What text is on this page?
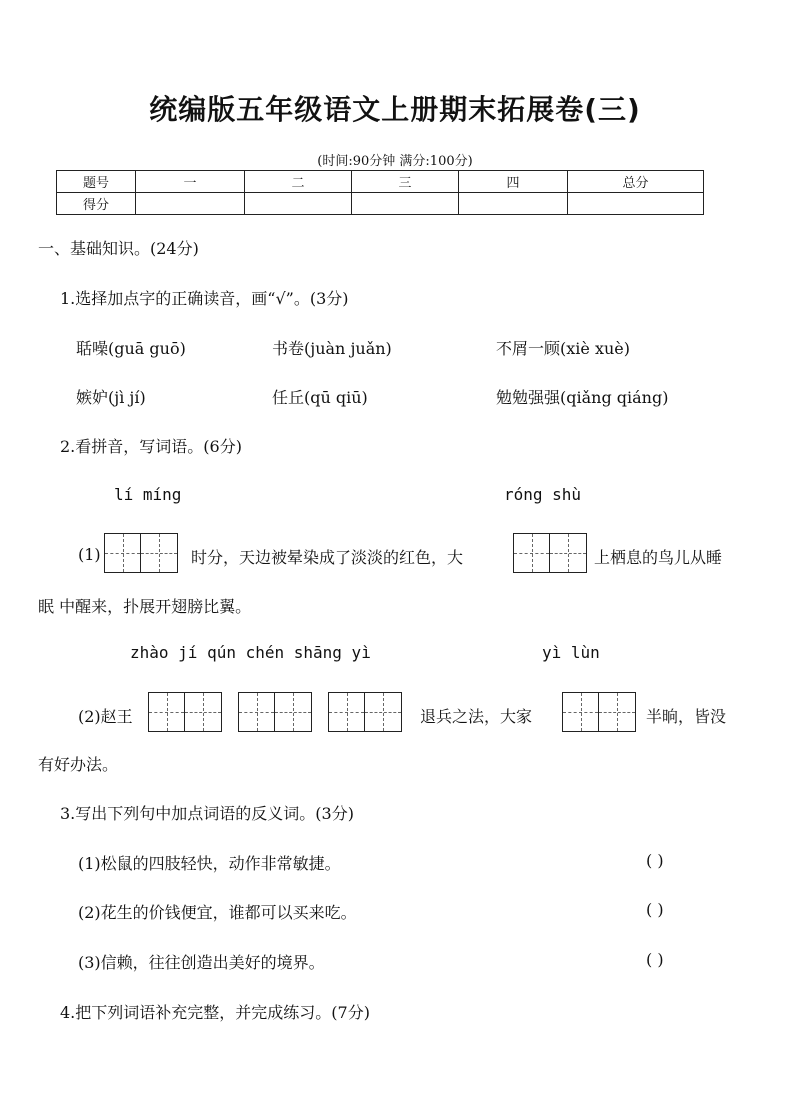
统编版五年级语文上册期末拓展卷(三)
(时间:90分钟 满分:100分)
题号	一	二	三	四	总分
得分					
一、基础知识。(24分)
1.选择加点字的正确读音，画“√”。(3分)
聒噪(guā guō)	书卷(juàn juǎn)	不屑一顾(xiè xuè)
嫉妒(jì jí)	任丘(qū qiū)	勉勉强强(qiǎng qiáng)
2.看拼音，写词语。(6分)
lí míng	róng shù
(1)	时分，天边被晕染成了淡淡的红色，大	上栖息的鸟儿从睡
眠 中醒来，扑展开翅膀比翼。
zhào jí qún chén shāng yì	yì lùn
(2)赵王	退兵之法，大家	半晌，皆没
有好办法。
3.写出下列句中加点词语的反义词。(3分)
(1)松鼠的四肢轻快，动作非常敏捷。	( )
(2)花生的价钱便宜，谁都可以买来吃。	( )
(3)信赖，往往创造出美好的境界。	( )
4.把下列词语补充完整，并完成练习。(7分)
